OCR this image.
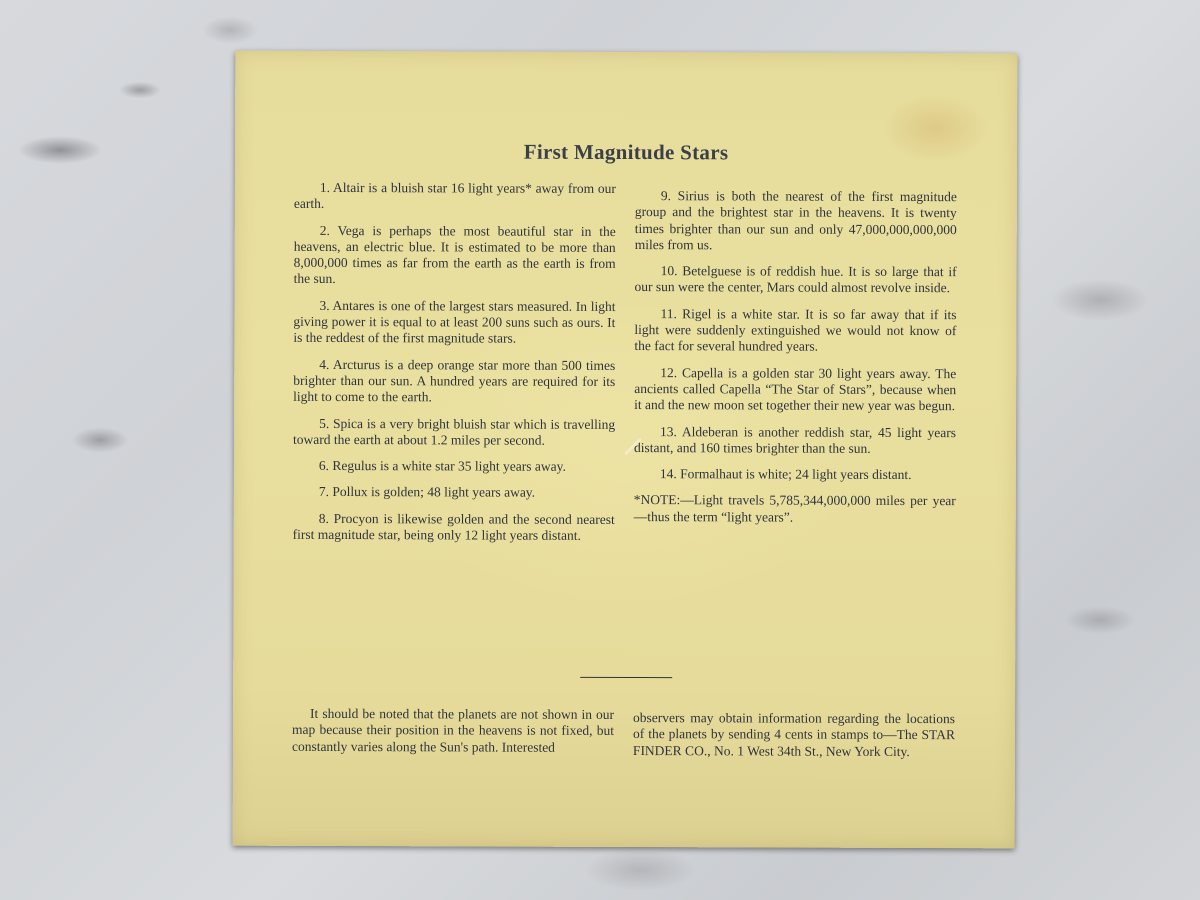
First Magnitude Stars

1. Altair is a bluish star 16 light years* away from our earth.

2. Vega is perhaps the most beautiful star in the heavens, an electric blue. It is estimated to be more than 8,000,000 times as far from the earth as the earth is from the sun.

3. Antares is one of the largest stars measured. In light giving power it is equal to at least 200 suns such as ours. It is the reddest of the first magnitude stars.

4. Arcturus is a deep orange star more than 500 times brighter than our sun. A hundred years are required for its light to come to the earth.

5. Spica is a very bright bluish star which is travelling toward the earth at about 1.2 miles per second.

6. Regulus is a white star 35 light years away.

7. Pollux is golden; 48 light years away.

8. Procyon is likewise golden and the second nearest first magnitude star, being only 12 light years distant.

9. Sirius is both the nearest of the first magnitude group and the brightest star in the heavens. It is twenty times brighter than our sun and only 47,000,000,000,000 miles from us.

10. Betelguese is of reddish hue. It is so large that if our sun were the center, Mars could almost revolve inside.

11. Rigel is a white star. It is so far away that if its light were suddenly extinguished we would not know of the fact for several hundred years.

12. Capella is a golden star 30 light years away. The ancients called Capella “The Star of Stars”, because when it and the new moon set together their new year was begun.

13. Aldeberan is another reddish star, 45 light years distant, and 160 times brighter than the sun.

14. Formalhaut is white; 24 light years distant.

*NOTE:—Light travels 5,785,344,000,000 miles per year—thus the term “light years”.

It should be noted that the planets are not shown in our map because their position in the heavens is not fixed, but constantly varies along the Sun's path. Interested
observers may obtain information regarding the locations of the planets by sending 4 cents in stamps to—The STAR FINDER CO., No. 1 West 34th St., New York City.
